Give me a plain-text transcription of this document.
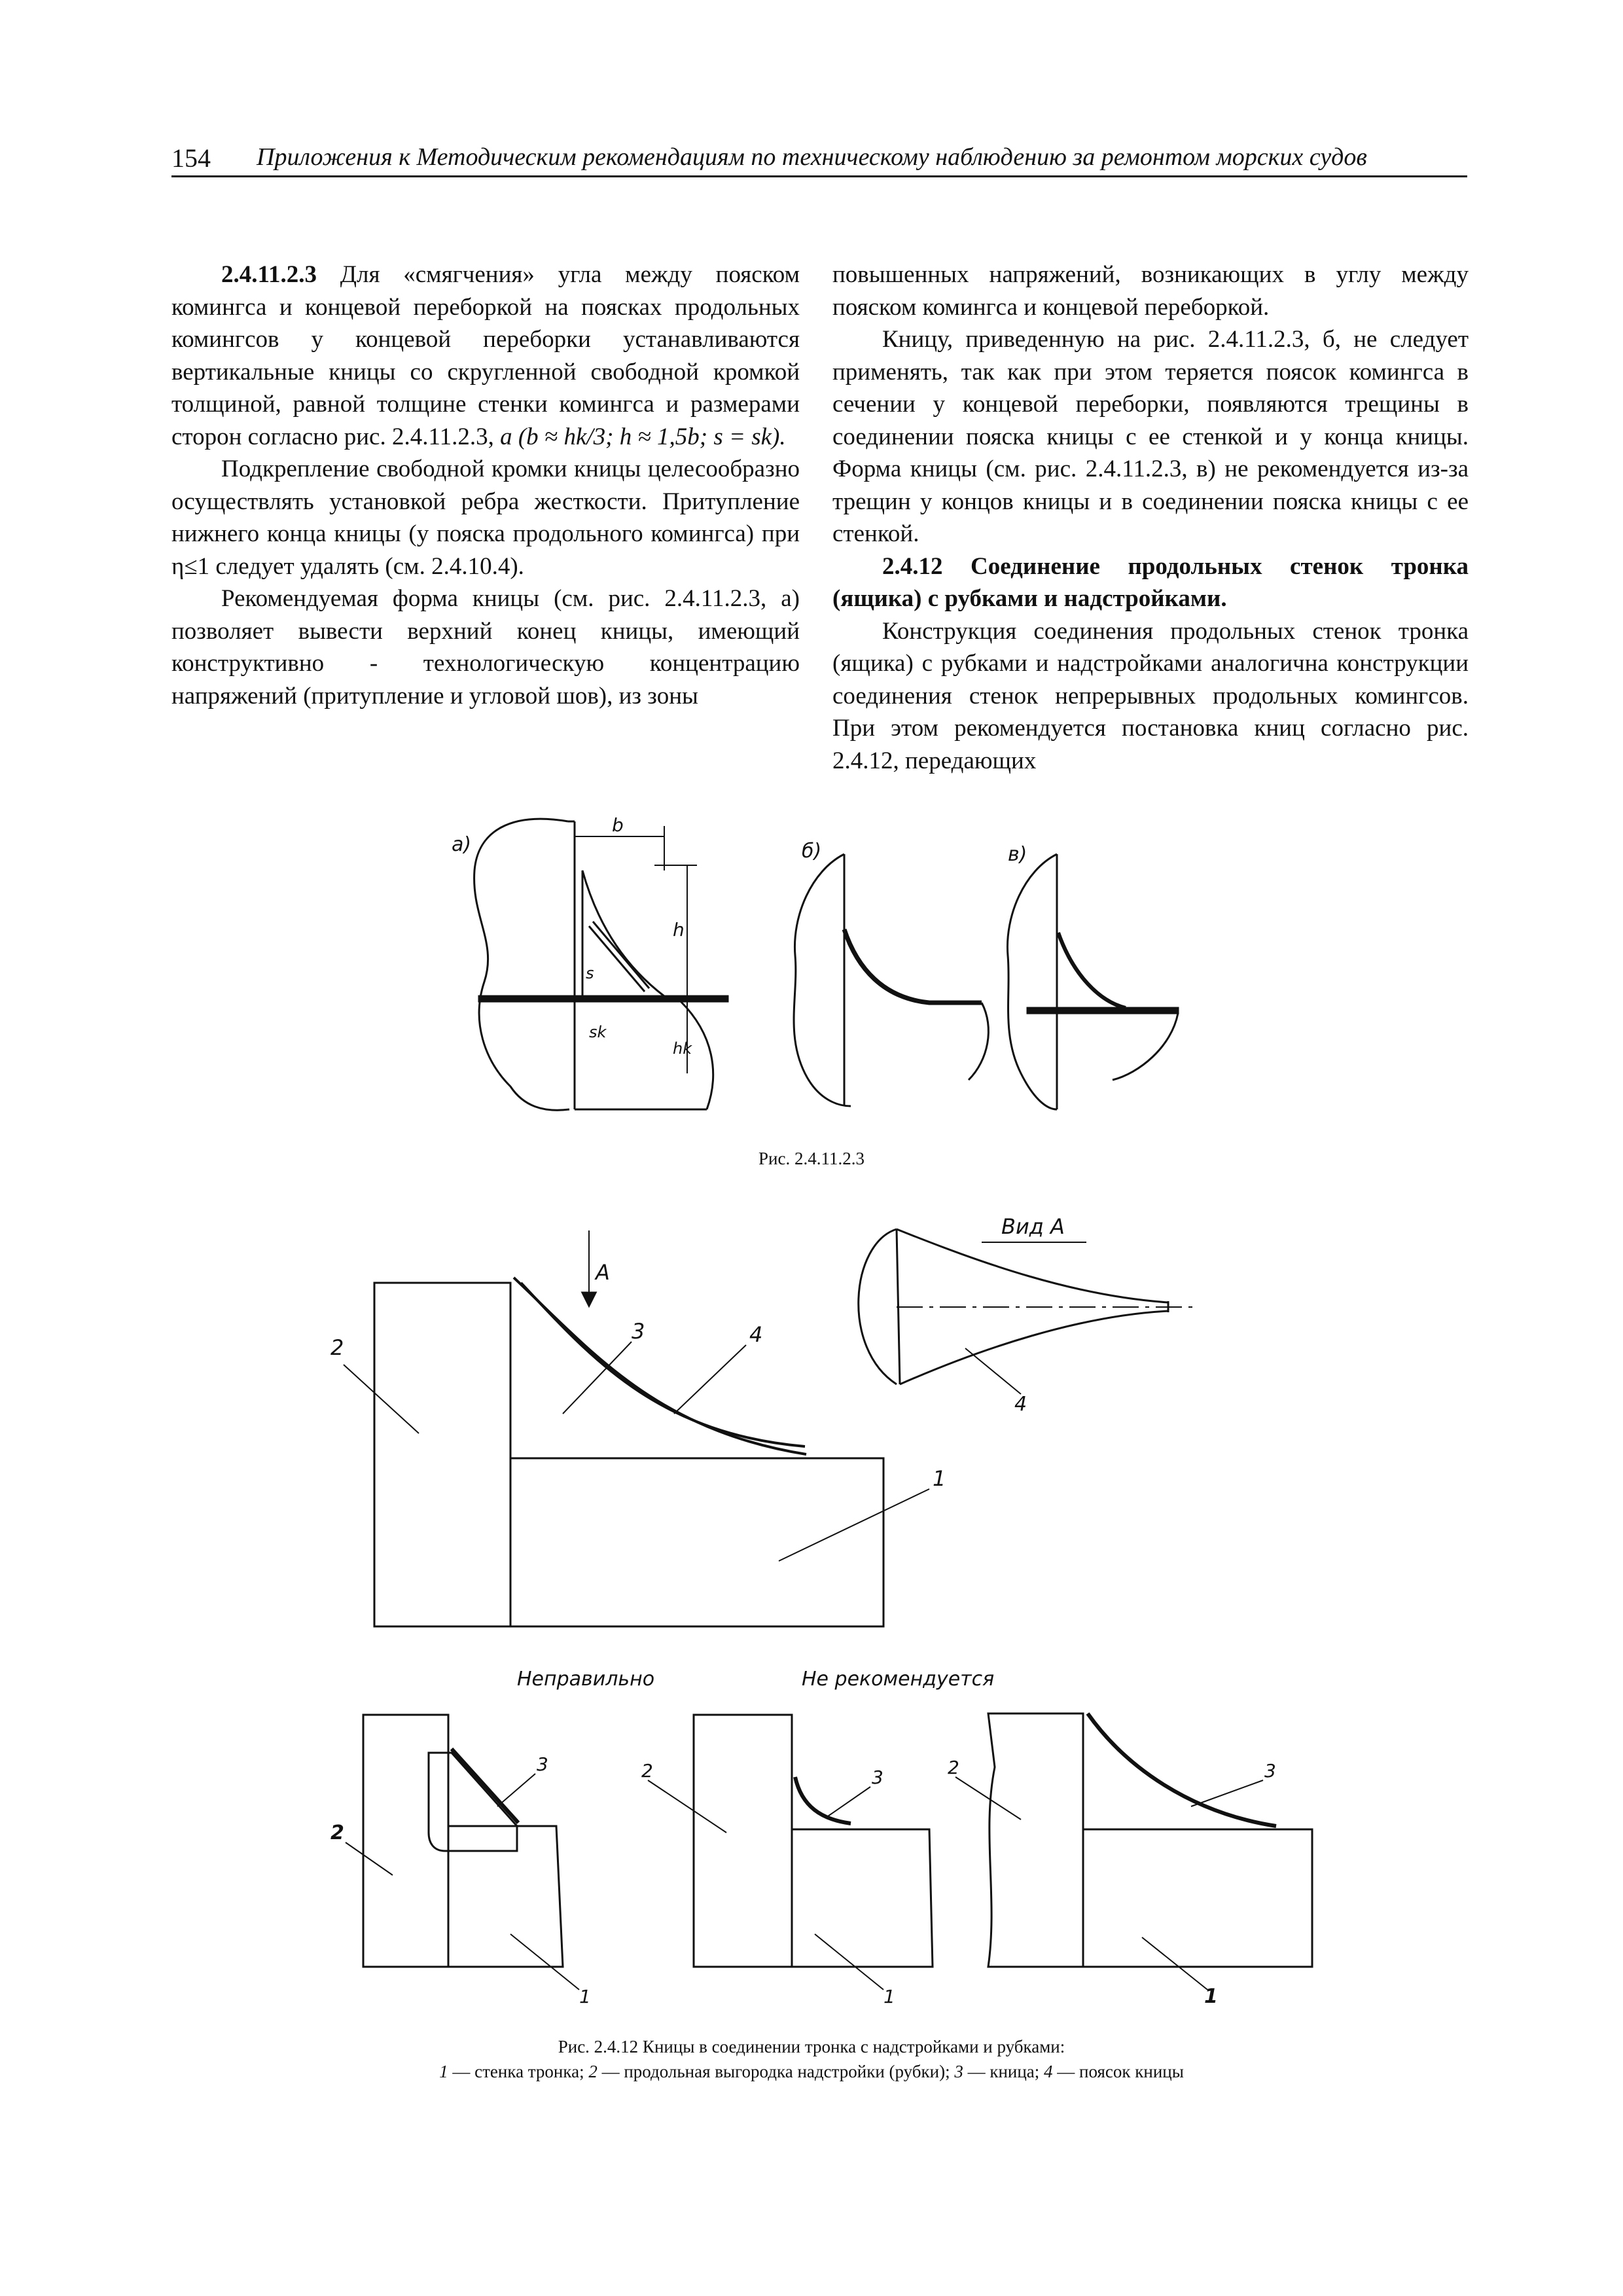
154 Приложения к Методическим рекомендациям по техническому наблюдению за ремонтом морских судов

2.4.11.2.3 Для «смягчения» угла между пояском комингса и концевой переборкой на поясках продольных комингсов у концевой переборки устанавливаются вертикальные кницы со скругленной свободной кромкой толщиной, равной толщине стенки комингса и размерами сторон согласно рис. 2.4.11.2.3, а (b ≈ hk/3; h ≈ 1,5b; s = sk).

Подкрепление свободной кромки кницы целесообразно осуществлять установкой ребра жесткости. Притупление нижнего конца кницы (у пояска продольного комингса) при η≤1 следует удалять (см. 2.4.10.4).

Рекомендуемая форма кницы (см. рис. 2.4.11.2.3, а) позволяет вывести верхний конец кницы, имеющий конструктивно - технологическую концентрацию напряжений (притупление и угловой шов), из зоны

повышенных напряжений, возникающих в углу между пояском комингса и концевой переборкой.

Кницу, приведенную на рис. 2.4.11.2.3, б, не следует применять, так как при этом теряется поясок комингса в сечении у концевой переборки, появляются трещины в соединении пояска кницы с ее стенкой и у конца кницы. Форма кницы (см. рис. 2.4.11.2.3, в) не рекомендуется из-за трещин у концов кницы и в соединении пояска кницы с ее стенкой.

2.4.12 Соединение продольных стенок тронка (ящика) с рубками и надстройками.

Конструкция соединения продольных стенок тронка (ящика) с рубками и надстройками аналогична конструкции соединения стенок непрерывных продольных комингсов. При этом рекомендуется постановка книц согласно рис. 2.4.12, передающих

а)
b
h
s
sk
hk
б)	в)
А
2
3	4
1
Вид А
4
Неправильно	Не рекомендуется
3
2
1
3
2
1
3
2
1
Рис. 2.4.11.2.3
Рис. 2.4.12 Кницы в соединении тронка с надстройками и рубками:
1 — стенка тронка; 2 — продольная выгородка надстройки (рубки); 3 — кница; 4 — поясок кницы
